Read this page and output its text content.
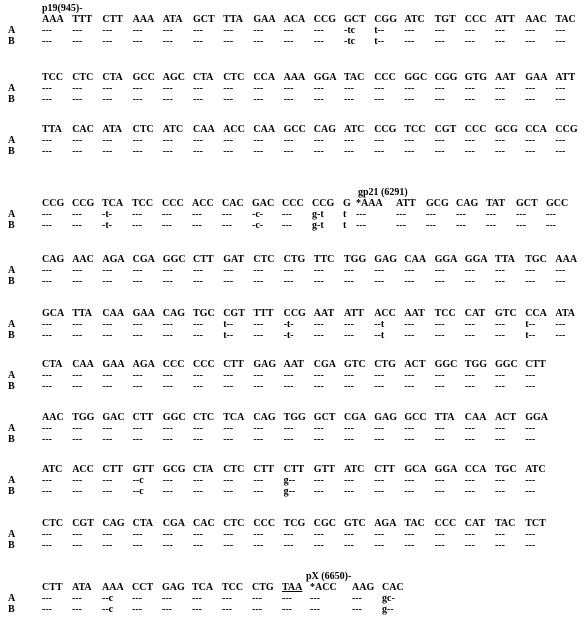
p19(945)-
AAA TTT CTT AAA ATA GCT TTA GAA ACA CCG GCT CGG ATC TGT CCC ATT AAC TAC
A	--- --- --- --- --- --- --- --- --- --- -tc t-- --- --- --- --- --- ---
B	--- --- --- --- --- --- --- --- --- --- -tc t-- --- --- --- --- --- ---
TCC CTC CTA GCC AGC CTA CTC CCA AAA GGA TAC CCC GGC CGG GTG AAT GAA ATT
A	--- --- --- --- --- --- --- --- --- --- --- --- --- --- --- --- --- ---
B	--- --- --- --- --- --- --- --- --- --- --- --- --- --- --- --- --- ---
TTA CAC ATA CTC ATC CAA ACC CAA GCC CAG ATC CCG TCC CGT CCC GCG CCA CCG
A	--- --- --- --- --- --- --- --- --- --- --- --- --- --- --- --- --- ---
B	--- --- --- --- --- --- --- --- --- --- --- --- --- --- --- --- --- ---
gp21 (6291)
CCG CCG TCA TCC CCC ACC CAC GAC CCC CCG G *AAA ATT GCG CAG TAT GCT GCC
A	--- --- -t- --- --- --- --- -c- --- g-t t ---	--- --- --- --- --- ---
B	--- --- -t- --- --- --- --- -c- --- g-t t ---	--- --- --- --- --- ---
CAG AAC AGA CGA GGC CTT GAT CTC CTG TTC TGG GAG CAA GGA GGA TTA TGC AAA
A	--- --- --- --- --- --- --- --- --- --- --- --- --- --- --- --- --- ---
B	--- --- --- --- --- --- --- --- --- --- --- --- --- --- --- --- --- ---
GCA TTA CAA GAA CAG TGC CGT TTT CCG AAT ATT ACC AAT TCC CAT GTC CCA ATA
A	--- --- --- --- --- --- t-- --- -t- --- --- --t --- --- --- --- t-- ---
B	--- --- --- --- --- --- t-- --- -t- --- --- --t --- --- --- --- t-- ---
CTA CAA GAA AGA CCC CCC CTT GAG AAT CGA GTC CTG ACT GGC TGG GGC CTT
A	--- --- --- --- --- --- --- --- --- --- --- --- --- --- --- --- ---
B	--- --- --- --- --- --- --- --- --- --- --- --- --- --- --- --- ---
AAC TGG GAC CTT GGC CTC TCA CAG TGG GCT CGA GAG GCC TTA CAA ACT GGA
A	--- --- --- --- --- --- --- --- --- --- --- --- --- --- --- --- ---
B	--- --- --- --- --- --- --- --- --- --- --- --- --- --- --- --- ---
ATC ACC CTT GTT GCG CTA CTC CTT CTT GTT ATC CTT GCA GGA CCA TGC ATC
A	--- --- --- --c --- --- --- --- g-- --- --- --- --- --- --- --- ---
B	--- --- --- --c --- --- --- --- g-- --- --- --- --- --- --- --- ---
CTC CGT CAG CTA CGA CAC CTC CCC TCG CGC GTC AGA TAC CCC CAT TAC TCT
A	--- --- --- --- --- --- --- --- --- --- --- --- --- --- --- --- ---
B	--- --- --- --- --- --- --- --- --- --- --- --- --- --- --- --- ---
pX (6650)-
CTT ATA AAA CCT GAG TCA TCC CTG TAA *ACC AAG CAC
A	--- --- --c --- --- --- --- --- --- ---	--- gc-
B	--- --- --c --- --- --- --- --- --- ---	--- g--
